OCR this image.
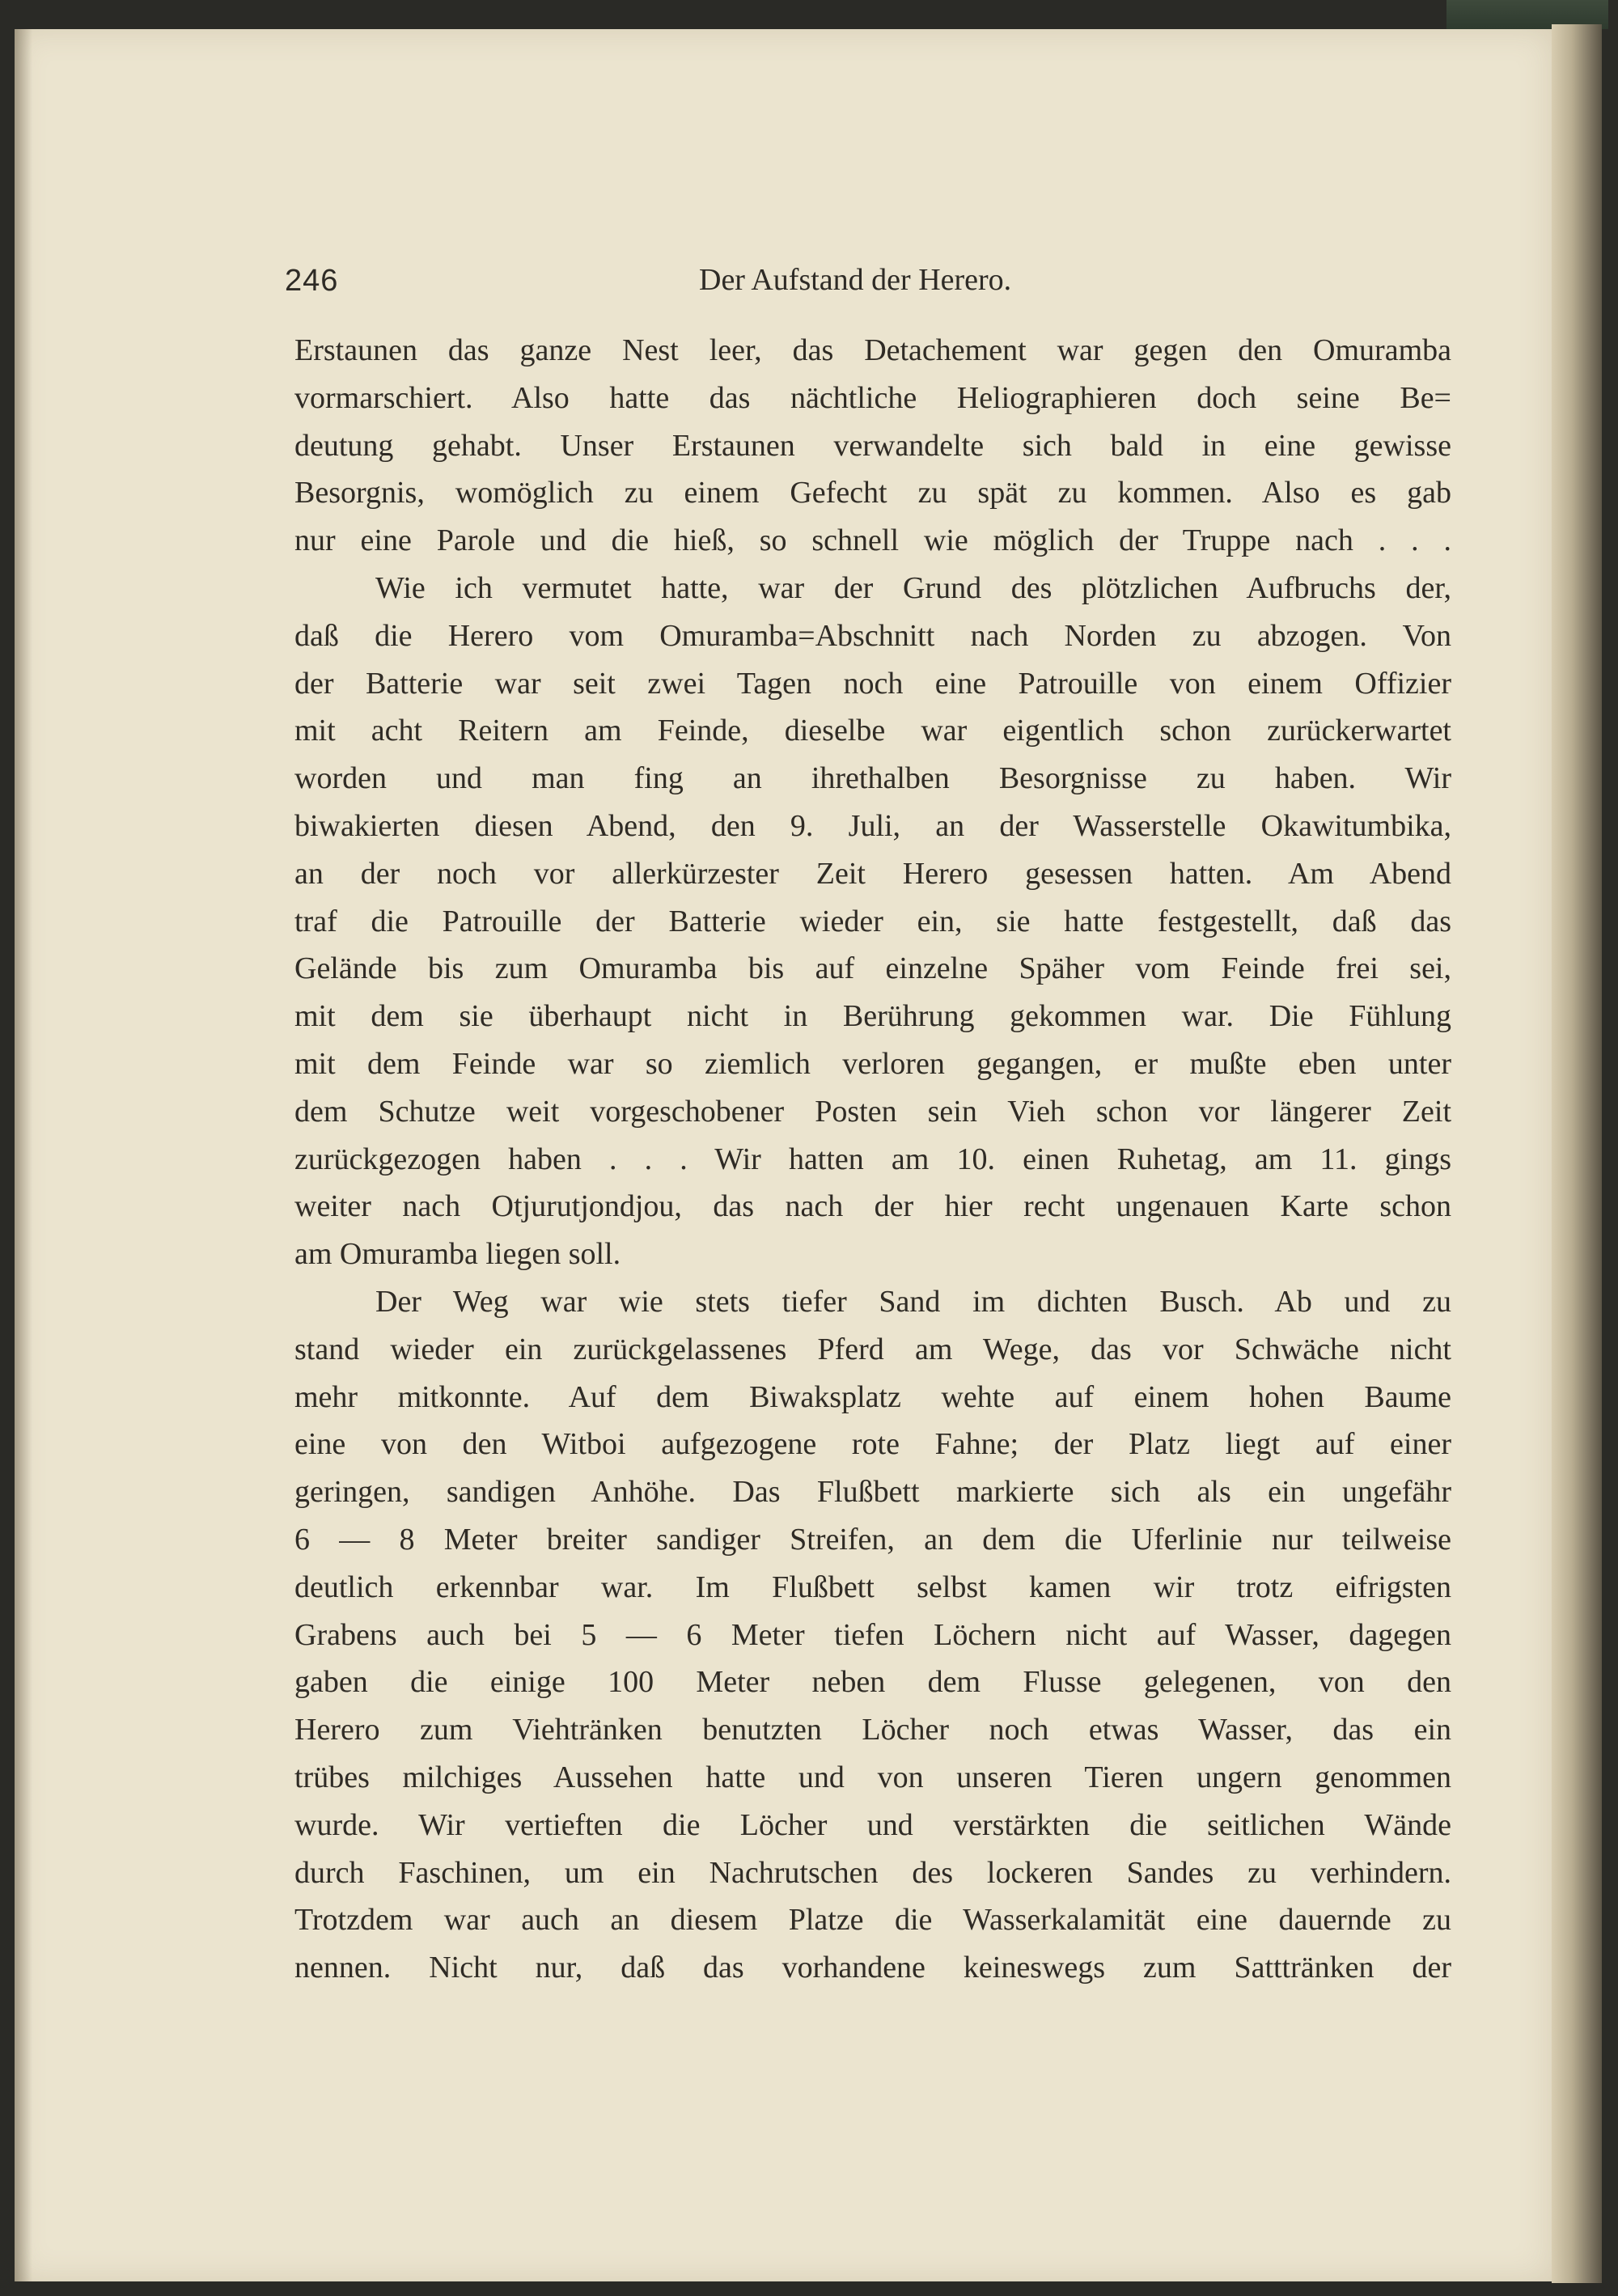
246	Der Aufstand der Herero.
Erstaunen das ganze Nest leer, das Detachement war gegen den Omuramba
vormarschiert. Also hatte das nächtliche Heliographieren doch seine Be=
deutung gehabt. Unser Erstaunen verwandelte sich bald in eine gewisse
Besorgnis, womöglich zu einem Gefecht zu spät zu kommen. Also es gab
nur eine Parole und die hieß, so schnell wie möglich der Truppe nach . . .
Wie ich vermutet hatte, war der Grund des plötzlichen Aufbruchs der,
daß die Herero vom Omuramba=Abschnitt nach Norden zu abzogen. Von
der Batterie war seit zwei Tagen noch eine Patrouille von einem Offizier
mit acht Reitern am Feinde, dieselbe war eigentlich schon zurückerwartet
worden und man fing an ihrethalben Besorgnisse zu haben. Wir
biwakierten diesen Abend, den 9. Juli, an der Wasserstelle Okawitumbika,
an der noch vor allerkürzester Zeit Herero gesessen hatten. Am Abend
traf die Patrouille der Batterie wieder ein, sie hatte festgestellt, daß das
Gelände bis zum Omuramba bis auf einzelne Späher vom Feinde frei sei,
mit dem sie überhaupt nicht in Berührung gekommen war. Die Fühlung
mit dem Feinde war so ziemlich verloren gegangen, er mußte eben unter
dem Schutze weit vorgeschobener Posten sein Vieh schon vor längerer Zeit
zurückgezogen haben . . . Wir hatten am 10. einen Ruhetag, am 11. gings
weiter nach Otjurutjondjou, das nach der hier recht ungenauen Karte schon
am Omuramba liegen soll.
Der Weg war wie stets tiefer Sand im dichten Busch. Ab und zu
stand wieder ein zurückgelassenes Pferd am Wege, das vor Schwäche nicht
mehr mitkonnte. Auf dem Biwaksplatz wehte auf einem hohen Baume
eine von den Witboi aufgezogene rote Fahne; der Platz liegt auf einer
geringen, sandigen Anhöhe. Das Flußbett markierte sich als ein ungefähr
6 — 8 Meter breiter sandiger Streifen, an dem die Uferlinie nur teilweise
deutlich erkennbar war. Im Flußbett selbst kamen wir trotz eifrigsten
Grabens auch bei 5 — 6 Meter tiefen Löchern nicht auf Wasser, dagegen
gaben die einige 100 Meter neben dem Flusse gelegenen, von den
Herero zum Viehtränken benutzten Löcher noch etwas Wasser, das ein
trübes milchiges Aussehen hatte und von unseren Tieren ungern genommen
wurde. Wir vertieften die Löcher und verstärkten die seitlichen Wände
durch Faschinen, um ein Nachrutschen des lockeren Sandes zu verhindern.
Trotzdem war auch an diesem Platze die Wasserkalamität eine dauernde zu
nennen. Nicht nur, daß das vorhandene keineswegs zum Satttränken der
